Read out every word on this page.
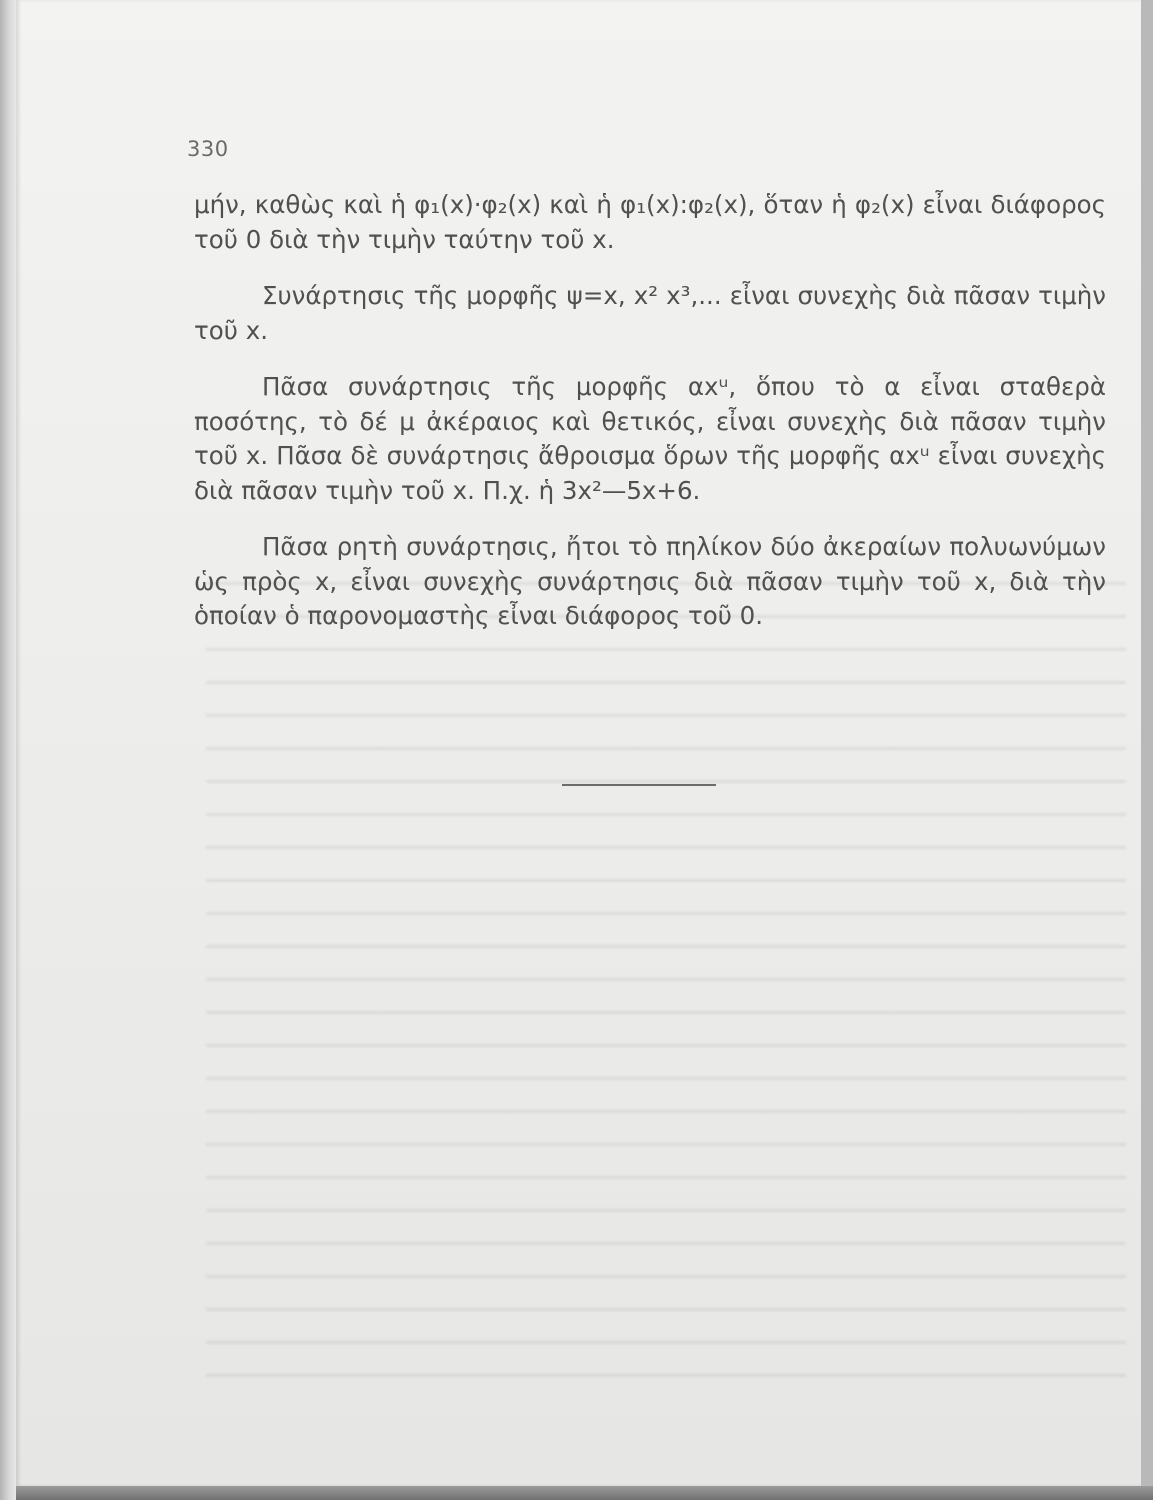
330

μήν, καθὼς καὶ ἡ φ₁(x)·φ₂(x) καὶ ἡ φ₁(x):φ₂(x), ὅταν ἡ φ₂(x) εἶναι διάφορος τοῦ 0 διὰ τὴν τιμὴν ταύτην τοῦ x.

Συνάρτησις τῆς μορφῆς ψ=x, x² x³,... εἶναι συνεχὴς διὰ πᾶσαν τιμὴν τοῦ x.

Πᾶσα συνάρτησις τῆς μορφῆς αxᵘ, ὅπου τὸ α εἶναι σταθερὰ ποσότης, τὸ δέ μ ἀκέραιος καὶ θετικός, εἶναι συνεχὴς διὰ πᾶσαν τιμὴν τοῦ x. Πᾶσα δὲ συνάρτησις ἄθροισμα ὅρων τῆς μορφῆς αxᵘ εἶναι συνεχὴς διὰ πᾶσαν τιμὴν τοῦ x. Π.χ. ἡ 3x²—5x+6.

Πᾶσα ρητὴ συνάρτησις, ἤτοι τὸ πηλίκον δύο ἀκεραίων πολυωνύμων ὡς πρὸς x, εἶναι συνεχὴς συνάρτησις διὰ πᾶσαν τιμὴν τοῦ x, διὰ τὴν ὁποίαν ὁ παρονομαστὴς εἶναι διάφορος τοῦ 0.
